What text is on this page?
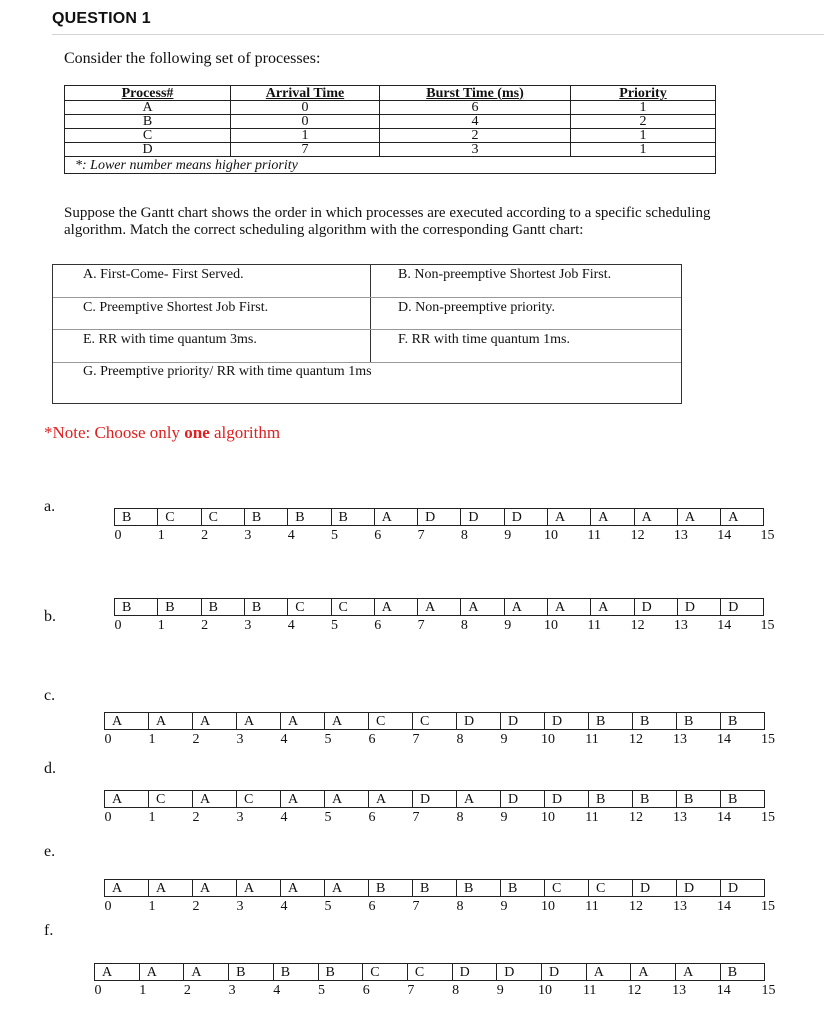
QUESTION 1
Consider the following set of processes:
Process#	Arrival Time	Burst Time (ms)	Priority
A	0	6	1
B	0	4	2
C	1	2	1
D	7	3	1
*: Lower number means higher priority			
Suppose the Gantt chart shows the order in which processes are executed according to a specific scheduling algorithm. Match the correct scheduling algorithm with the corresponding Gantt chart:
A. First-Come- First Served.	B. Non-preemptive Shortest Job First.
C. Preemptive Shortest Job First.	D. Non-preemptive priority.
E. RR with time quantum 3ms.	F. RR with time quantum 1ms.
G. Preemptive priority/ RR with time quantum 1ms
*Note: Choose only one algorithm
a.
B	C	C	B	B	B	A	D	D	D	A	A	A	A	A
0	1	2	3	4	5	6	7	8	9 10 11 12 13 14 15
b.
B	B	B	B	C	C	A	A	A	A	A	A	D	D	D
0	1	2	3	4	5	6	7	8	9 10 11 12 13 14 15
c.
A	A	A	A	A	A	C	C	D	D	D	B	B	B	B
0	1	2	3	4	5	6	7	8	9 10 11 12 13 14 15
d.
A	C	A	C	A	A	A	D	A	D	D	B	B	B	B
0	1	2	3	4	5	6	7	8	9 10 11 12 13 14 15
e.
A	A	A	A	A	A	B	B	B	B	C	C	D	D	D
0	1	2	3	4	5	6	7	8	9 10 11 12 13 14 15
f.
A	A	A	B	B	B	C	C	D	D	D	A	A	A	B
0	1	2	3	4	5	6	7	8	9 10 11 12 13 14 15
